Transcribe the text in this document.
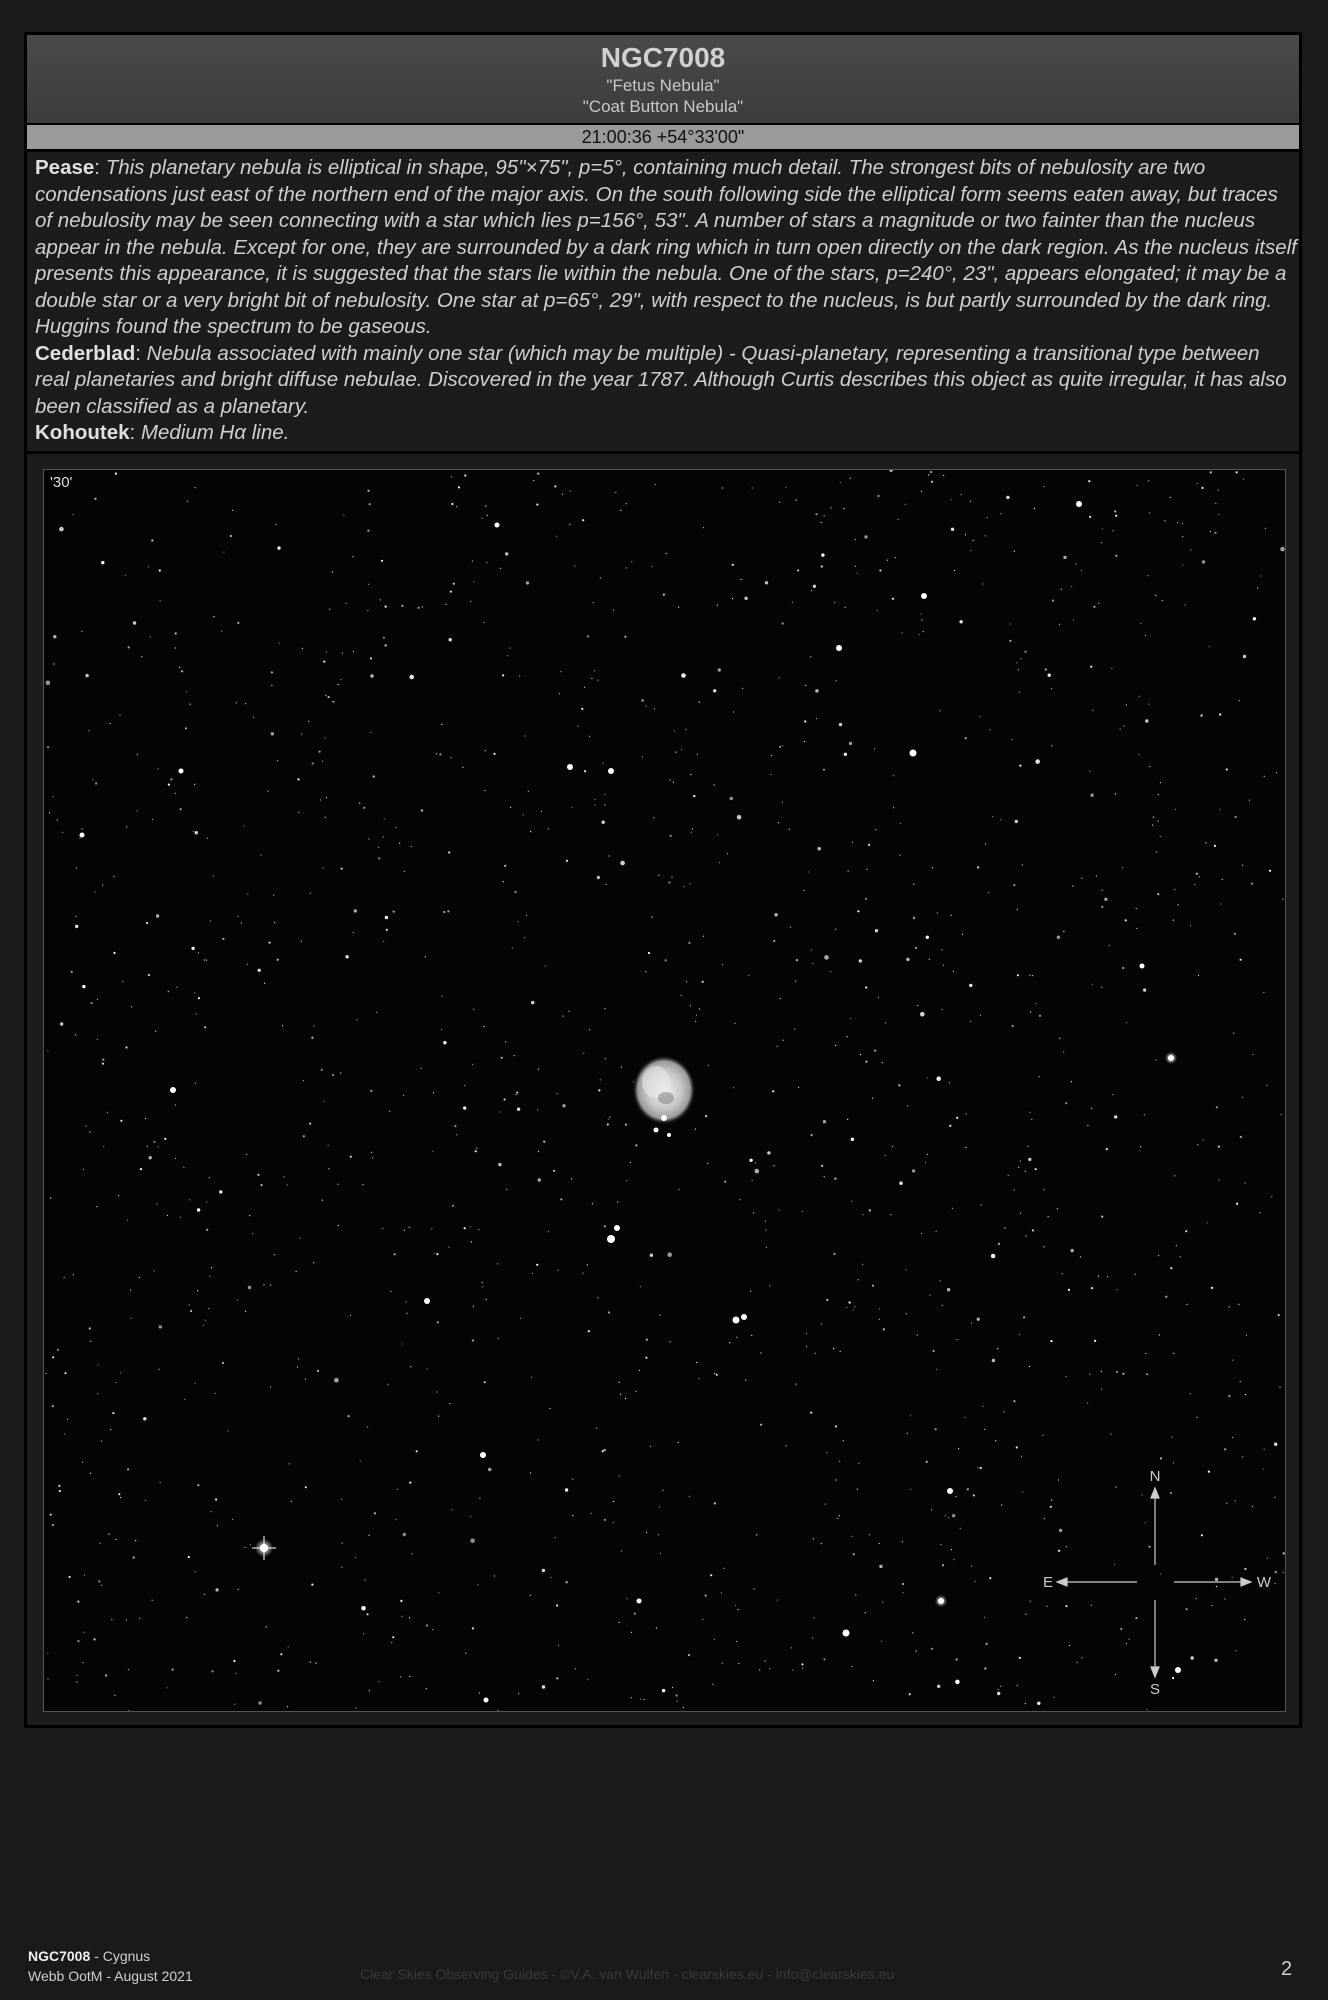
NGC7008
"Fetus Nebula"
"Coat Button Nebula"
21:00:36 +54°33'00"

Pease: This planetary nebula is elliptical in shape, 95"×75", p=5°, containing much detail. The strongest bits of nebulosity are two condensations just east of the northern end of the major axis. On the south following side the elliptical form seems eaten away, but traces of nebulosity may be seen connecting with a star which lies p=156°, 53". A number of stars a magnitude or two fainter than the nucleus appear in the nebula. Except for one, they are surrounded by a dark ring which in turn open directly on the dark region. As the nucleus itself presents this appearance, it is suggested that the stars lie within the nebula. One of the stars, p=240°, 23", appears elongated; it may be a double star or a very bright bit of nebulosity. One star at p=65°, 29", with respect to the nucleus, is but partly surrounded by the dark ring. Huggins found the spectrum to be gaseous.

Cederblad: Nebula associated with mainly one star (which may be multiple) - Quasi-planetary, representing a transitional type between real planetaries and bright diffuse nebulae. Discovered in the year 1787. Although Curtis describes this object as quite irregular, it has also been classified as a planetary.

Kohoutek: Medium Hα line.

N
S
E	W
'30'
NGC7008 - Cygnus
Webb OotM - August 2021	Clear Skies Observing Guides - ©V.A. van Wulfen - clearskies.eu - info@clearskies.eu	2
